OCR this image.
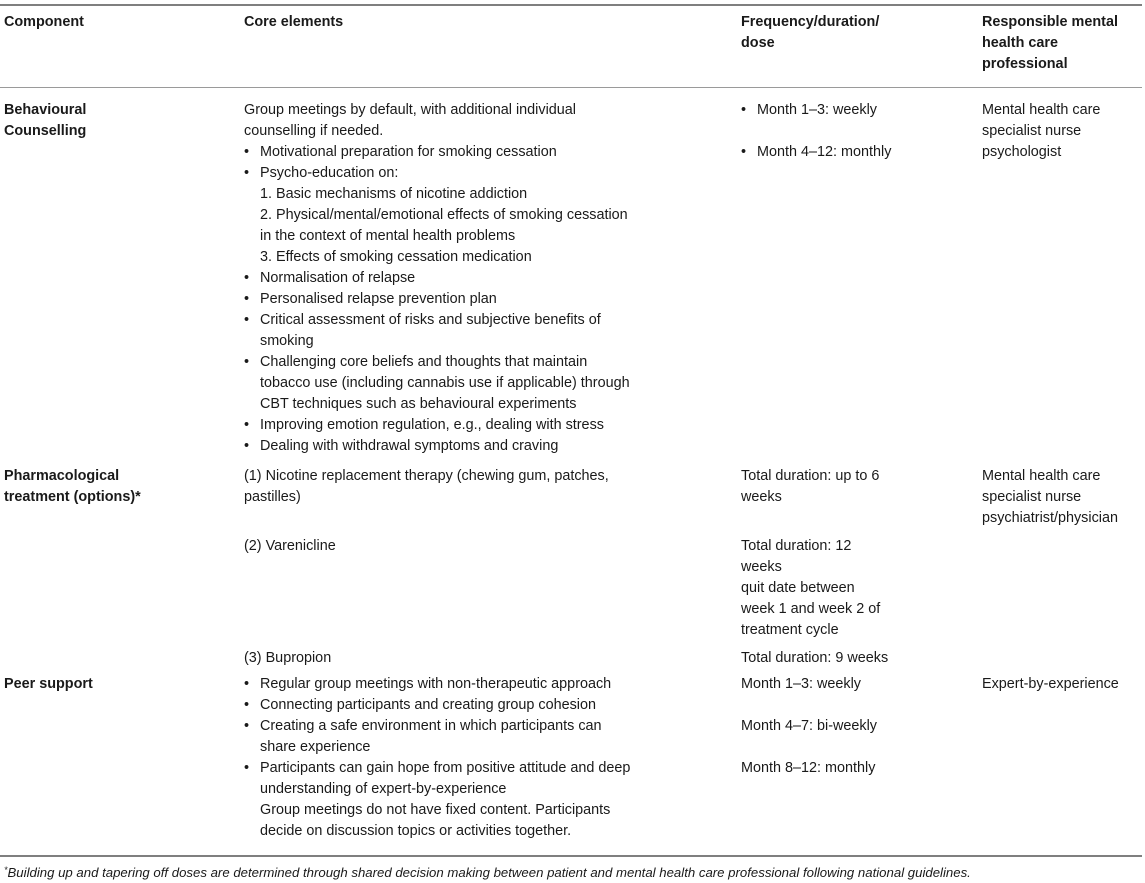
Component	Core elements	Frequency/duration/
dose
Responsible mental
health care
professional
Behavioural
Counselling
Group meetings by default, with additional individual
counselling if needed.
• Motivational preparation for smoking cessation
• Psycho-education on:
1. Basic mechanisms of nicotine addiction
2. Physical/mental/emotional effects of smoking cessation
in the context of mental health problems
3. Effects of smoking cessation medication
• Normalisation of relapse
• Personalised relapse prevention plan
• Critical assessment of risks and subjective benefits of
smoking
• Challenging core beliefs and thoughts that maintain
tobacco use (including cannabis use if applicable) through
CBT techniques such as behavioural experiments
• Improving emotion regulation, e.g., dealing with stress
• Dealing with withdrawal symptoms and craving
• Month 1–3: weekly
• Month 4–12: monthly
Mental health care
specialist nurse
psychologist
Pharmacological
treatment (options)*
(1) Nicotine replacement therapy (chewing gum, patches,
pastilles)
(2) Varenicline
(3) Bupropion
Total duration: up to 6
weeks
Total duration: 12
weeks
quit date between
week 1 and week 2 of
treatment cycle
Total duration: 9 weeks
Mental health care
specialist nurse
psychiatrist/physician
Peer support
•	Regular group meetings with non-therapeutic approach
• Connecting participants and creating group cohesion
• Creating a safe environment in which participants can
share experience
• Participants can gain hope from positive attitude and deep
understanding of expert-by-experience
Group meetings do not have fixed content. Participants
decide on discussion topics or activities together.
Month 1–3: weekly
Month 4–7: bi-weekly
Month 8–12: monthly
Expert-by-experience
*Building up and tapering off doses are determined through shared decision making between patient and mental health care professional following national guidelines.
